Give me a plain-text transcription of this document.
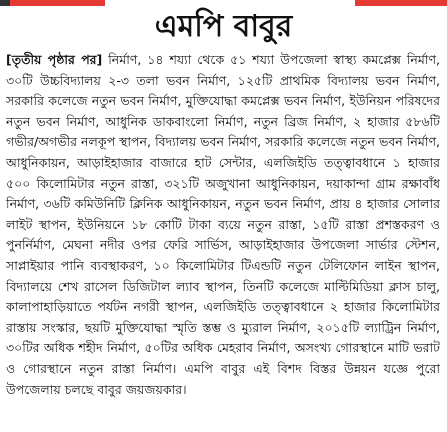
এমপি বাবুর
[তৃতীয় পৃষ্ঠার পর] নির্মাণ, ১৪ শয্যা থেকে ৫১ শয্যা উপজেলা স্বাস্থ্য কমপ্লেক্স নির্মাণ, ৩০টি উচ্চবিদ্যালয় ২-৩ তলা ভবন নির্মাণ, ১২৫টি প্রাথমিক বিদ্যালয় ভবন নির্মাণ, সরকারি কলেজে নতুন ভবন নির্মাণ, মুক্তিযোদ্ধা কমপ্লেক্স ভবন নির্মাণ, ইউনিয়ন পরিষদের নতুন ভবন নির্মাণ, আধুনিক ডাকবাংলো নির্মাণ, নতুন ব্রিজ নির্মাণ, ২ হাজার ৫৮৬টি গভীর/অগভীর নলকূপ স্থাপন, বিদ্যালয় ভবন নির্মাণ, সরকারি কলেজে নতুন ভবন নির্মাণ, আধুনিকায়ন, আড়াইহাজার বাজারে হাট সেন্টার, এলজিইডি তত্ত্বাবধানে ১ হাজার ৫০০ কিলোমিটার নতুন রাস্তা, ৩২১টি অজুখানা আধুনিকায়ন, দয়াকান্দা গ্রাম রক্ষাবাঁধ নির্মাণ, ৩৬টি কমিউনিটি ক্লিনিক আধুনিকায়ন, নতুন ভবন নির্মাণ, প্রায় ৪ হাজার সোলার লাইট স্থাপন, ইউনিয়নে ১৮ কোটি টাকা ব্যয়ে নতুন রাস্তা, ১৫টি রাস্তা প্রশস্তকরণ ও পুনর্নির্মাণ, মেঘনা নদীর ওপর ফেরি সার্ভিস, আড়াইহাজার উপজেলা সার্ভার স্টেশন, সাপ্লাইয়ার পানি ব্যবস্থাকরণ, ১০ কিলোমিটার টিএন্ডটি নতুন টেলিফোন লাইন স্থাপন, বিদ্যালয়ে শেখ রাসেল ডিজিটাল ল্যাব স্থাপন, তিনটি কলেজে মাল্টিমিডিয়া ক্লাস চালু, কালাপাহাড়িয়াতে পর্যটন নগরী স্থাপন, এলজিইডি তত্ত্বাবধানে ২ হাজার কিলোমিটার রাস্তায় সংস্কার, ছয়টি মুক্তিযোদ্ধা স্মৃতি স্তম্ভ ও ম্যুরাল নির্মাণ, ২০১৫টি ল্যাট্রিন নির্মাণ, ৩০টির অধিক শহীদ নির্মাণ, ৫০টির অধিক মেহরাব নির্মাণ, অসংখ্য গোরস্থানে মাটি ভরাট ও গোরস্থানে নতুন রাস্তা নির্মাণ। এমপি বাবুর এই বিশদ বিস্তর উন্নয়ন যজ্ঞে পুরো উপজেলায় চলছে বাবুর জয়জয়কার।
